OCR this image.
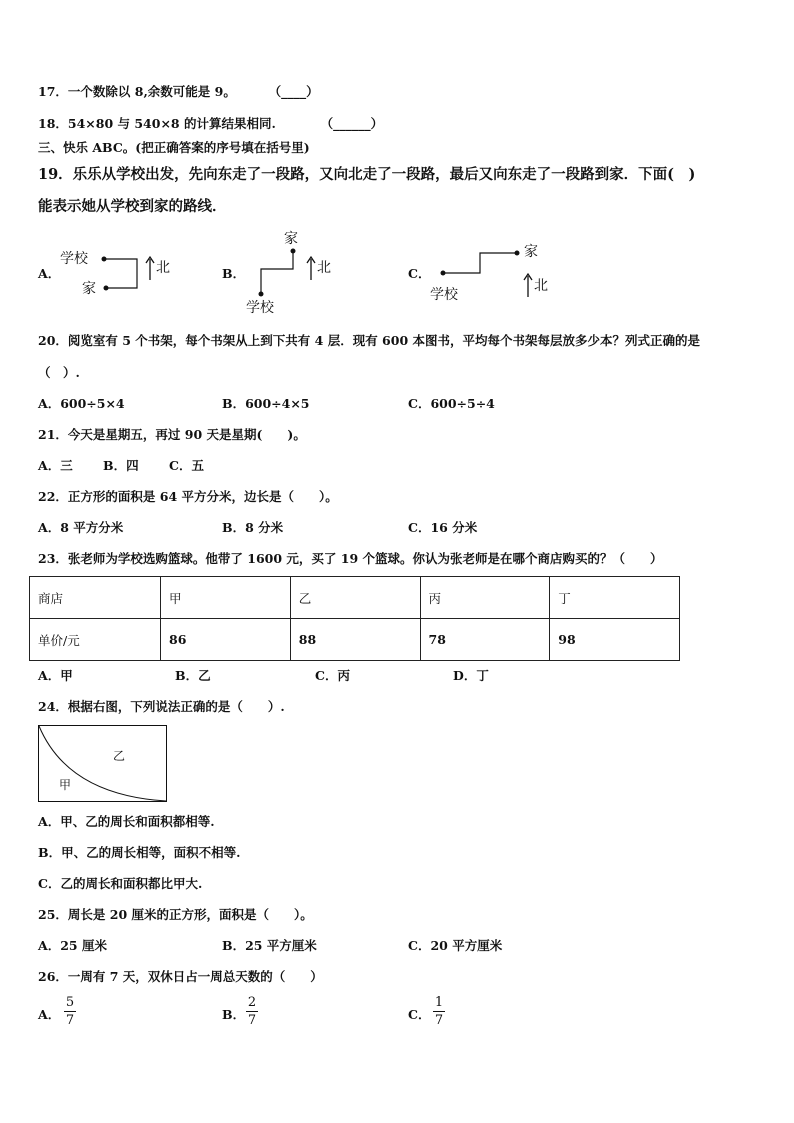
17．一个数除以 8,余数可能是 9。	（____）
18．54×80 与 540×8 的计算结果相同.	（______）
三、快乐 ABC。(把正确答案的序号填在括号里)
19．乐乐从学校出发，先向东走了一段路，又向北走了一段路，最后又向东走了一段路到家．下面(　)
能表示她从学校到家的路线．
A．	B．	C．
学校
家
北
家
学校
北
家
学校
北
20．阅览室有 5 个书架，每个书架从上到下共有 4 层．现有 600 本图书，平均每个书架每层放多少本？列式正确的是
（　）.
A．600÷5×4	B．600÷4×5	C．600÷5÷4
21．今天是星期五，再过 90 天是星期(　　)。
A．三 B．四 C．五
22．正方形的面积是 64 平方分米，边长是（　　）。
A．8 平方分米	B．8 分米	C．16 分米
23．张老师为学校选购篮球。他带了 1600 元，买了 19 个篮球。你认为张老师是在哪个商店购买的？（　　）
商店	甲	乙	丙	丁
单价/元	86	88	78	98
A．甲	B．乙	C．丙	D．丁
24．根据右图，下列说法正确的是（　　）.
乙
甲
A．甲、乙的周长和面积都相等.
B．甲、乙的周长相等，面积不相等.
C．乙的周长和面积都比甲大.
25．周长是 20 厘米的正方形，面积是（　　）。
A．25 厘米	B．25 平方厘米	C．20 平方厘米
26．一周有 7 天，双休日占一周总天数的（　　）
A．
5
7	B．
2
7	C．
1
7
